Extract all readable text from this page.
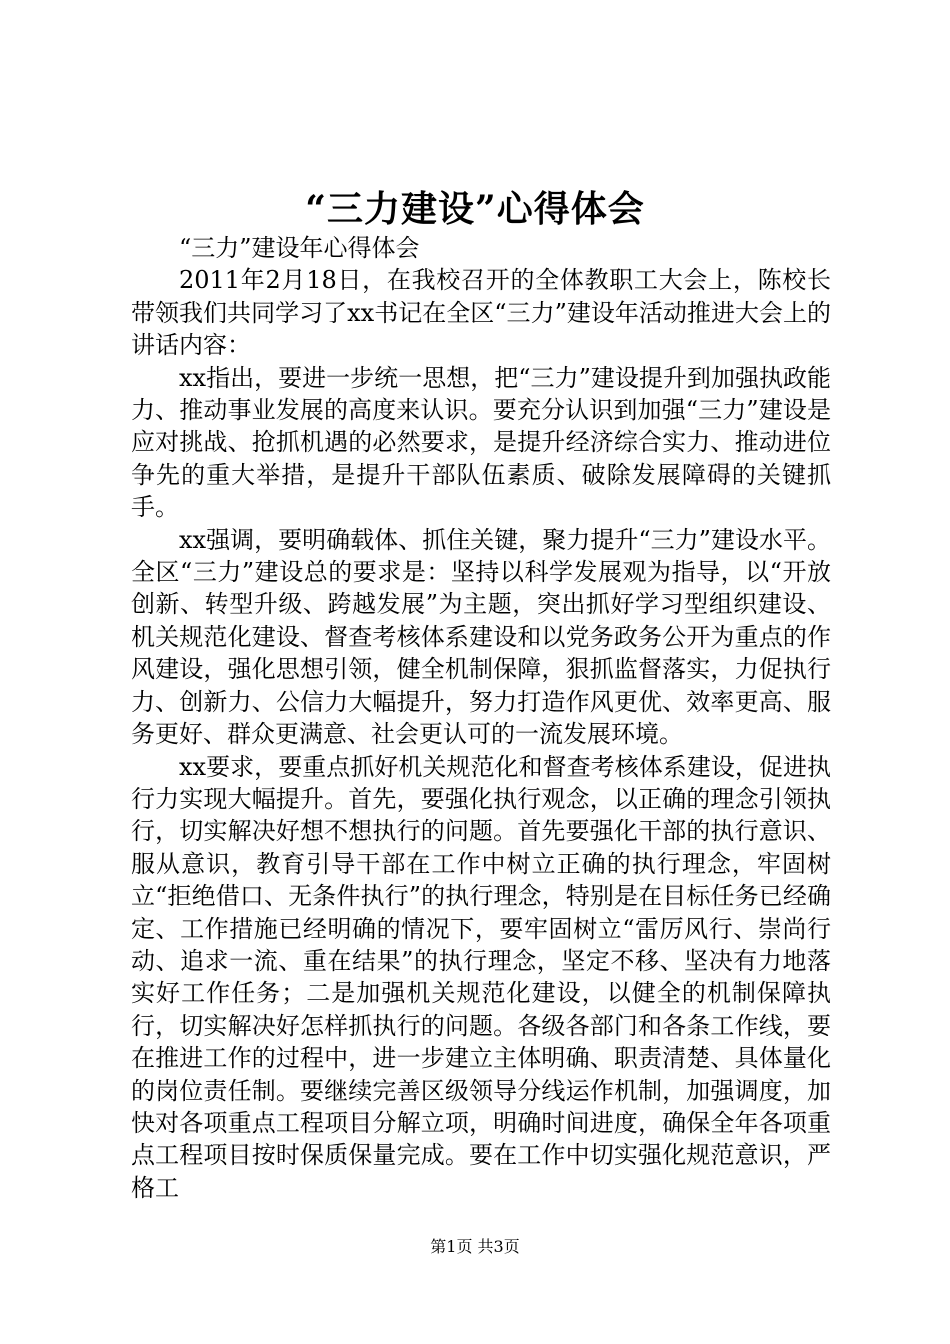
“三力建设”心得体会

“三力”建设年心得体会

2011年2月18日，在我校召开的全体教职工大会上，陈校长带领我们共同学习了xx书记在全区“三力”建设年活动推进大会上的讲话内容：

xx指出，要进一步统一思想，把“三力”建设提升到加强执政能力、推动事业发展的高度来认识。要充分认识到加强“三力”建设是应对挑战、抢抓机遇的必然要求，是提升经济综合实力、推动进位争先的重大举措，是提升干部队伍素质、破除发展障碍的关键抓手。

xx强调，要明确载体、抓住关键，聚力提升“三力”建设水平。全区“三力”建设总的要求是：坚持以科学发展观为指导，以“开放创新、转型升级、跨越发展”为主题，突出抓好学习型组织建设、机关规范化建设、督查考核体系建设和以党务政务公开为重点的作风建设，强化思想引领，健全机制保障，狠抓监督落实，力促执行力、创新力、公信力大幅提升，努力打造作风更优、效率更高、服务更好、群众更满意、社会更认可的一流发展环境。

xx要求，要重点抓好机关规范化和督查考核体系建设，促进执行力实现大幅提升。首先，要强化执行观念，以正确的理念引领执行，切实解决好想不想执行的问题。首先要强化干部的执行意识、服从意识，教育引导干部在工作中树立正确的执行理念，牢固树立“拒绝借口、无条件执行”的执行理念，特别是在目标任务已经确定、工作措施已经明确的情况下，要牢固树立“雷厉风行、崇尚行动、追求一流、重在结果”的执行理念，坚定不移、坚决有力地落实好工作任务；二是加强机关规范化建设，以健全的机制保障执行，切实解决好怎样抓执行的问题。各级各部门和各条工作线，要在推进工作的过程中，进一步建立主体明确、职责清楚、具体量化的岗位责任制。要继续完善区级领导分线运作机制，加强调度，加快对各项重点工程项目分解立项，明确时间进度，确保全年各项重点工程项目按时保质保量完成。要在工作中切实强化规范意识，严格工

第1页 共3页
